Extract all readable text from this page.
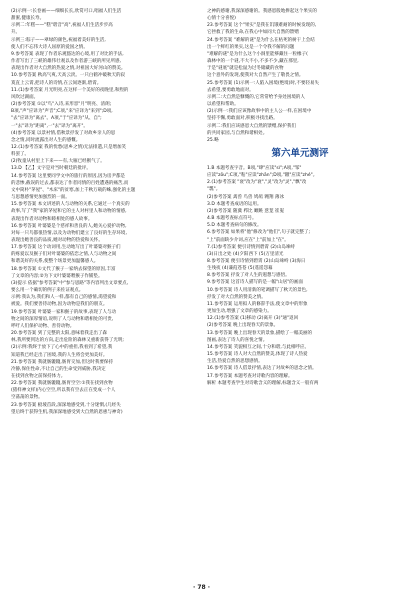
(2)示例一:长卷画——细细长长,欣赏可口,唱福人们生活
甜蜜,健康长寿。
示例二:年糕——"糕"谐音"高",祝福人们生活步步高
升。
示例三:粽子——翠绿的颜色,祝福着美好的生活,
使人们不忘伟大诗人屈原的爱国之情。
9.参考答案 表现了作者乐观豁达的心境,用了对比的手法,
作者写出了三峡的雄伟壮观以及作者游三峡的所见所感,
表现出作者对大自然的热爱之情,对祖国大好河山的赞美。
10.参考答案 秋高气爽,天高云淡。一只白鹤冲破秋天的寂
寞直上云霄,把诗人的诗情,在云间逐渐,碧霄。
11.(1)参考答案 月光明亮,在这样一个美好的夜晚里,和煦的
风吹过湖面。
(2)参考答案 ①以"鸟"入诗,来形容"月"明亮、清朗;
B项,"声"应译为"声音";C项,"来"应译为"来到";D项,
"去"应译为"离去"。A项,"于"应译为"从、自";
一"去"译为"距离",一"去"译为"离开"。
(4)参考答案 以景衬情,借秋景抒发了对故乡亲人的思
念之情,同时流露出对人生的感慨。
12.(1)参考答案 我的忧愁(思乡之情)无法排遣,只是增加笑
料罢了。
(2)牧童从村里上下来——有,大雁已经断气了。
13.D 【乙】文字是对当时朝廷的批评。
14.参考答案 这里要同学文中的旅行的原因,因为房尹都是
的悲惨,截误的过去,都表达了作者同情的百姓遭遇的痛苦,而
文中简朴"茅屋"、"木床"的贫寒,加上千秋万载的蛛,强化的主题
与思想感情更加强烈的一面。
15.参考答案 本文讲述的人与动物的关系,它通过一个真实的
故事,写了"我"家的茅屋和它的主人对村里人和动物的情感,
表现出作者对动物和睦相处的感人故事。
16.参考答案 叶婆婆是个慈祥和善良的人,她关心爱护动物,
对每一只鸟都很热情,以及为动物们建立了良好的生存环境,
表现出她善良的品质,她对动物的热爱和关怀。
17.参考答案 这个动词用,生动地写出了叶婆婆对猴子们
的疼爱以及猴子们对叶婆婆的依恋之情,人与动物之间
和谐美好的关系,使整个场景更加温馨感人。
18.参考答案 ①文代了猴子一家纳去探望的原因,丰富
了文章的内容;②为下文叶婆婆喂猴子作铺垫。
(3)提示 依据"参考答案"中"参与思路"等内容列出文章要点,
要么用一个确切的例子来佐证观点。
示例:我认为,我们和人一样,都有自己的感情,渴望爱和
被爱。我们要善待动物,因为动物是我们的朋友。
19.参考答案 叶婆婆一家和猴子的故事,表现了人与动
物之间的深厚情谊,说明了人与动物和谐相处的可贵,
呼吁人们保护动物、善待动物。
20.参考答案 到了完整的太阳,意味着我走出了森
林,我所要到达的方向,走出危险的森林又重新获得了光明;
(2)示例:我终于放下了心中的重担,我看到了希望,我
知道我已经走出了困境,我的人生将会更加美好。
21.参考答案 我就肠辘辘,肠胃交加,但这时我要保持
冷静,保住性命,不让自己的生命受到威胁,我决定
在找到食物之前保持体力。
22.参考答案 我就肠辘辘,肠胃空空:①我在找到食物
(猪样神文样)内心空空,所以我有空去正在变成一个人
空荡荡的景物。
23.参考答案 板坡首段,深深地感受到,十分迷惘,(几经失
望后终于获得生机,我深深地感受到大自然的恩惠与神奇)
之神的感谢,我深深感谢的。我感恩般地捧起这个果实的
心情十分喜悦)
23.参考答案 这个"果实"是我在饥饿难耐的时候发现的,
它拯救了我的生命,在我心中如同大自然的馈赠
24.参考答案 "难解的谜"是为什么在枯死的树干上会结
出一个鲜红的果实,这是一个令我不解的问题
"难解的谜"是为什么这个小洞里能够藏住一粒橡子(
森林中的一个谜,不大不小,不多不少,藏在那里,
于是"谜底"就是松鼠为过冬储藏的食物
这个意外的发现,使我对大自然产生了敬畏之情。
25.参考答案 (1)示例一:人陷入困境(绝境)时,不要轻易失
去希望,要勇敢地面对。
示例二:大自然是慷慨的,它常常给予身处困境的人
以希望和帮助。
(2)示例一:我们应该像故事中的主人公一样,在困境中
坚持不懈,勇敢面对,积极寻找出路。
示例二:我们应该感恩大自然的馈赠,保护我们
的共同家园,与自然和谐相处。
25.略
第六单元测评
1.B 本题考查字音。B项,"肆"应读"sì";A项,"邹"
应读"zōu";C项,"粘"应读"zhān";D项,"辙"应读"zhé"。
2.(1)参考答案 "衰"改为"衰","灵"改为"灵","飘"改
"瓢"。
(2)参考答案 禽兽 鸟兽 鸠鸪 翱翔 薄冰
3.D 本题考查成语的运用。
(2)参考答案 随冀 栉比 瞰眺 葱茏 崔嵬
4.B 本题考查标点符号。
5.D 本题考查病句的修改。
6.参考答案 如果将"他"修改为"他们",句子就完整了;
"上"前面缺少介词,应在"上"前加上"在"。
7.(1)参考答案 便引诗情到碧霄 (2)山岛竦峙
(3)日出之处 (4)夕阳西下 (5)万里清光
8.参考答案 便引诗情到碧霄 (2)山岛竦峙 (3)海日
生残夜 (4)蒹葭苍苍 (5)遥遥怨幕
8.参考答案 抒发了对人生的遐想与感悟。
9.参考答案 这首诗人描写的是一幅"山居"的画面
10.参考答案 诗人用清新的笔调描写了秋天的景色,
抒发了对大自然的赞美之情。
11.参考答案 运用拟人的修辞手法,使文章中的形象
更加生动,增强了文章的感染力。
12.(1)参考答案 (1)移动 (2)离开 (3)"通"返回
(2)参考答案 晚上出现春天的景象。
13.参考答案 晚上出现春天的景象,描绘了一幅美丽的
图画,表达了诗人的喜悦之情。
14.参考答案 笑貌相互之间,十分和谐,与此相呼应。
15.参考答案 诗人对大自然的赞美,体现了诗人热爱
生活,热爱自然的思想感情。
16.参考答案 诗人借景抒情,表达了对故乡的思念之情。
17.参考答案 本题考查对诗歌内容的理解。
解析 本题考查学生对诗歌含义的理解,标题含义一般有两
· 78 ·
